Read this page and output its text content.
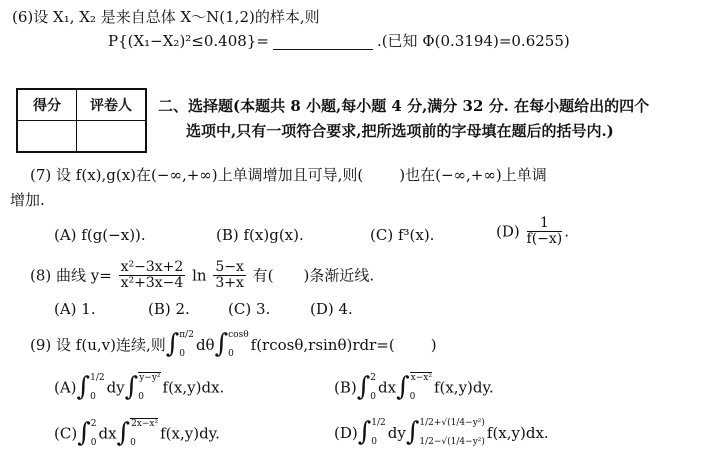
(6)设 X₁, X₂ 是来自总体 X～N(1,2)的样本,则
P{(X₁−X₂)²≤0.408}=	.(已知 Φ(0.3194)=0.6255)
得分	评卷人
	二、选择题(本题共 8 小题,每小题 4 分,满分 32 分. 在每小题给出的四个
选项中,只有一项符合要求,把所选项前的字母填在题后的括号内.)
(7) 设 f(x),g(x)在(−∞,+∞)上单调增加且可导,则( )也在(−∞,+∞)上单调
增加.
(A) f(g(−x)).	(B) f(x)g(x).	(C) f³(x).	$(D) \frac{1}{f(-x)}$ .
(8) 曲线 $y= \frac{\text{x²−3x+2}}{\text{x²+3x−4}}$ $\ln \frac{5-x}{3+x}$ 有( )条渐近线.
(A) 1.	(B) 2.	(C) 3.	(D) 4.
(9) 设 f(u,v)连续,则∫ π/2
0 dθ∫ cosθ
0	f(rcosθ,rsinθ)rdr=( )
(A)∫ 1/2
0 dy∫ y−y²
0
f(x,y)dx.	(B)∫ 2
0 dx∫ x−x²
0
f(x,y)dy.
(C)∫ 2
0 dx∫ 2x−x²
0
f(x,y)dy.	(D)∫ 1/2
0 dy∫ 1/2+√(1/4−y²)
1/2−√(1/4−y²) f(x,y)dx.
